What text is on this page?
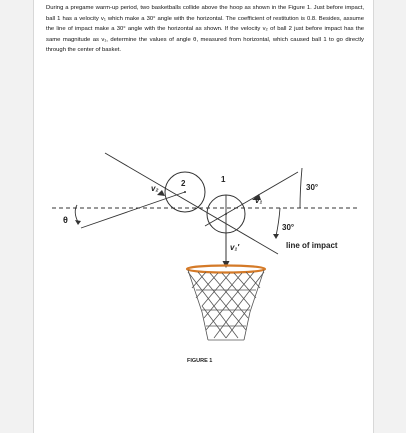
During a pregame warm-up period, two basketballs collide above the hoop as shown in the Figure 1. Just before impact, ball 1 has a velocity v₁ which make a 30° angle with the horizontal. The coefficient of restitution is 0.8. Besides, assume the line of impact make a 30° angle with the horizontal as shown. If the velocity v₂ of ball 2 just before impact has the same magnitude as v₁, determine the values of angle θ, measured from horizontal, which caused ball 1 to go directly through the center of basket.

2	1
v₂
v₁
v₁′
θ
30°
30°
line of impact
FIGURE 1
